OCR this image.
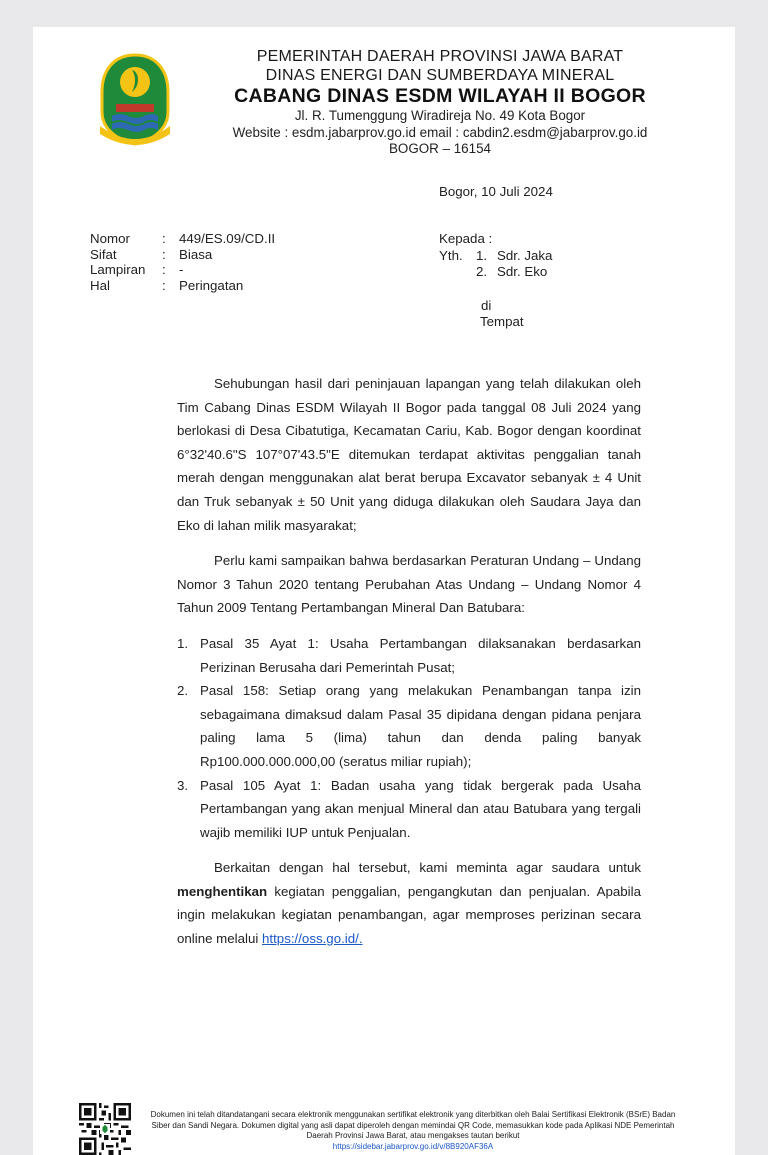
PEMERINTAH DAERAH PROVINSI JAWA BARAT
DINAS ENERGI DAN SUMBERDAYA MINERAL
CABANG DINAS ESDM WILAYAH II BOGOR
Jl. R. Tumenggung Wiradireja No. 49 Kota Bogor
Website : esdm.jabarprov.go.id email : cabdin2.esdm@jabarprov.go.id
BOGOR – 16154
Bogor, 10 Juli 2024
Nomor	: 449/ES.09/CD.II
Sifat	: Biasa
Lampiran	: -
Hal	: Peringatan
Kepada :
Yth.	1. Sdr. Jaka
2. Sdr. Eko
di
Tempat

Sehubungan hasil dari peninjauan lapangan yang telah dilakukan oleh Tim Cabang Dinas ESDM Wilayah II Bogor pada tanggal 08 Juli 2024 yang berlokasi di Desa Cibatutiga, Kecamatan Cariu, Kab. Bogor dengan koordinat 6°32'40.6"S 107°07'43.5"E ditemukan terdapat aktivitas penggalian tanah merah dengan menggunakan alat berat berupa Excavator sebanyak ± 4 Unit dan Truk sebanyak ± 50 Unit yang diduga dilakukan oleh Saudara Jaya dan Eko di lahan milik masyarakat;

Perlu kami sampaikan bahwa berdasarkan Peraturan Undang – Undang Nomor 3 Tahun 2020 tentang Perubahan Atas Undang – Undang Nomor 4 Tahun 2009 Tentang Pertambangan Mineral Dan Batubara:

1. Pasal 35 Ayat 1: Usaha Pertambangan dilaksanakan berdasarkan Perizinan Berusaha dari Pemerintah Pusat;
2. Pasal 158: Setiap orang yang melakukan Penambangan tanpa izin sebagaimana dimaksud dalam Pasal 35 dipidana dengan pidana penjara paling lama 5 (lima) tahun dan denda paling banyak Rp100.000.000.000,00 (seratus miliar rupiah);
3. Pasal 105 Ayat 1: Badan usaha yang tidak bergerak pada Usaha Pertambangan yang akan menjual Mineral dan atau Batubara yang tergali wajib memiliki IUP untuk Penjualan.

Berkaitan dengan hal tersebut, kami meminta agar saudara untuk menghentikan kegiatan penggalian, pengangkutan dan penjualan. Apabila ingin melakukan kegiatan penambangan, agar memproses perizinan secara online melalui https://oss.go.id/.

Dokumen ini telah ditandatangani secara elektronik menggunakan sertifikat elektronik yang diterbitkan oleh Balai Sertifikasi Elektronik (BSrE) Badan Siber dan Sandi Negara. Dokumen digital yang asli dapat diperoleh dengan memindai QR Code, memasukkan kode pada Aplikasi NDE Pemerintah Daerah Provinsi Jawa Barat, atau mengakses tautan berikut
https://sidebar.jabarprov.go.id/v/8B920AF36A
